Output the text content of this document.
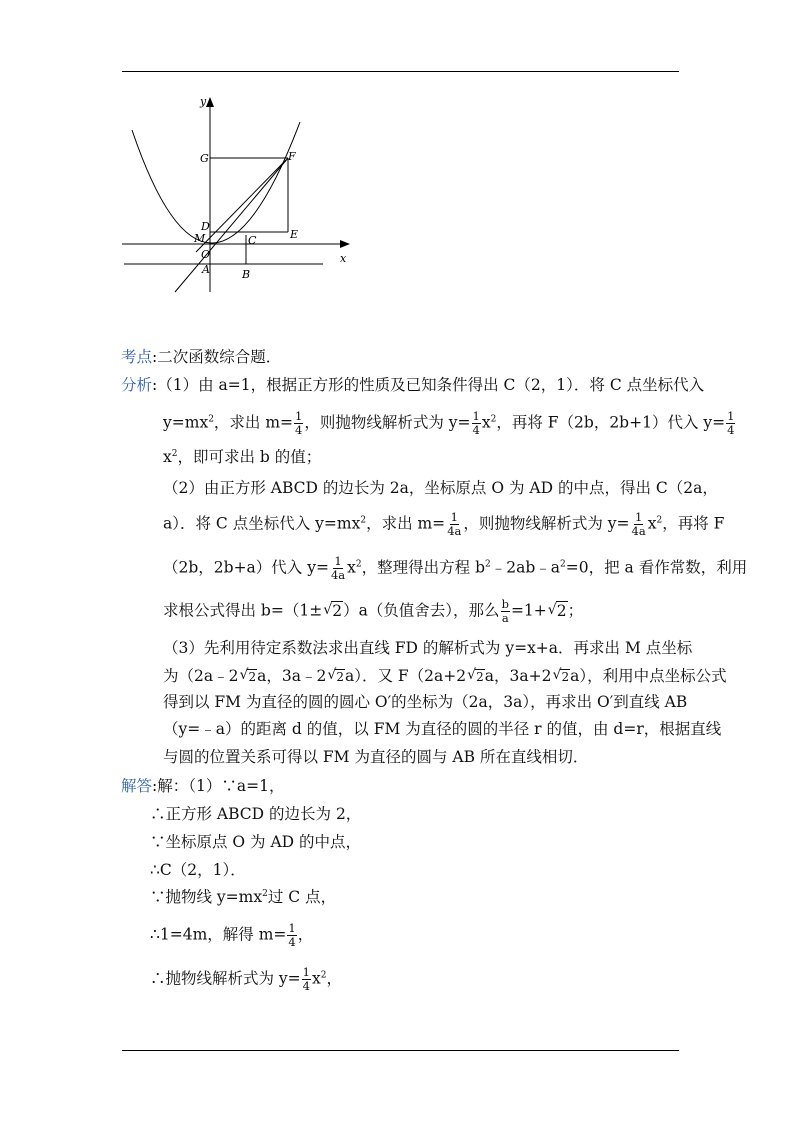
y
x
G	F
D
M	E
C
O
A	B
考点:二次函数综合题．
分析:（1）由 a=1，根据正方形的性质及已知条件得出 C（2，1）．将 C 点坐标代入
$y=mx^2$，求出 $m= \frac{1}{4}$ ，则抛物线解析式为 $y= \frac{1}{4} x^2$，再将 F（2b，2b+1）代入 $y= \frac{1}{4}$
$x^2$，即可求出 b 的值；
（2）由正方形 ABCD 的边长为 2a，坐标原点 O 为 AD 的中点，得出 C（2a，
a）．将 C 点坐标代入 $y=mx^2$，求出 $m= \frac{1}{4a}$ ，则抛物线解析式为 $y= \frac{1}{4a} x^2$，再将 F
（2b，2b+a）代入 $y= \frac{1}{4a} x^2$，整理得出方程 $b^2﹣2ab﹣a^2=0$，把 a 看作常数，利用
求根公式得出 b=（1±√ 2）a（负值舍去），那么 $\frac{b}{a} =1+√$ 2；
（3）先利用待定系数法求出直线 FD 的解析式为 y=x+a．再求出 M 点坐标
为（2a﹣2√ 2a，3a﹣2√ 2a）．又 F（2a+2√ 2a，3a+2√ 2a），利用中点坐标公式
得到以 FM 为直径的圆的圆心 O′的坐标为（2a，3a），再求出 O′到直线 AB
（y=﹣a）的距离 d 的值，以 FM 为直径的圆的半径 r 的值，由 d=r，根据直线
与圆的位置关系可得以 FM 为直径的圆与 AB 所在直线相切．
解答:解：（1）∵a=1，
∴正方形 ABCD 的边长为 2，
∵坐标原点 O 为 AD 的中点，
∴C（2，1）．
∵抛物线 $y=mx^2$过 C 点，
∴1=4m，解得 $m= \frac{1}{4}$ ，
∴抛物线解析式为 $y= \frac{1}{4} x^2$，
